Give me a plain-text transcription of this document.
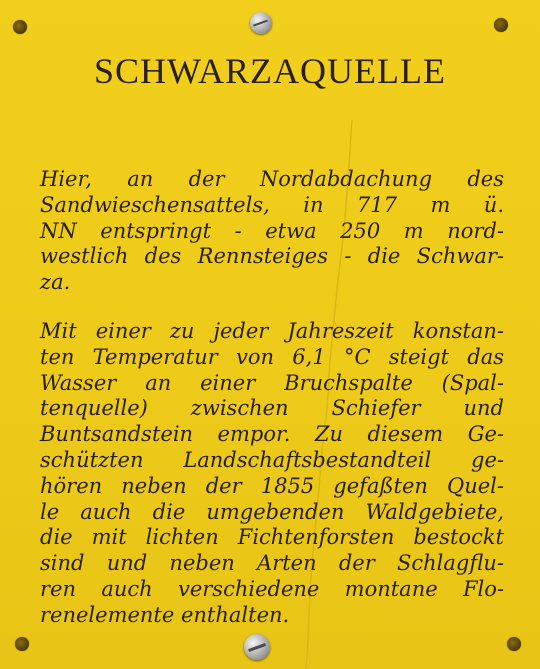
SCHWARZAQUELLE
Hier, an der Nordabdachung des
Sandwieschensattels, in 717 m ü.
NN entspringt - etwa 250 m nord-
westlich des Rennsteiges - die Schwar-
za.
Mit einer zu jeder Jahreszeit konstan-
ten Temperatur von 6,1 °C steigt das
Wasser an einer Bruchspalte (Spal-
tenquelle) zwischen Schiefer und
Buntsandstein empor. Zu diesem Ge-
schützten Landschaftsbestandteil ge-
hören neben der 1855 gefaßten Quel-
le auch die umgebenden Waldgebiete,
die mit lichten Fichtenforsten bestockt
sind und neben Arten der Schlagflu-
ren auch verschiedene montane Flo-
renelemente enthalten.
